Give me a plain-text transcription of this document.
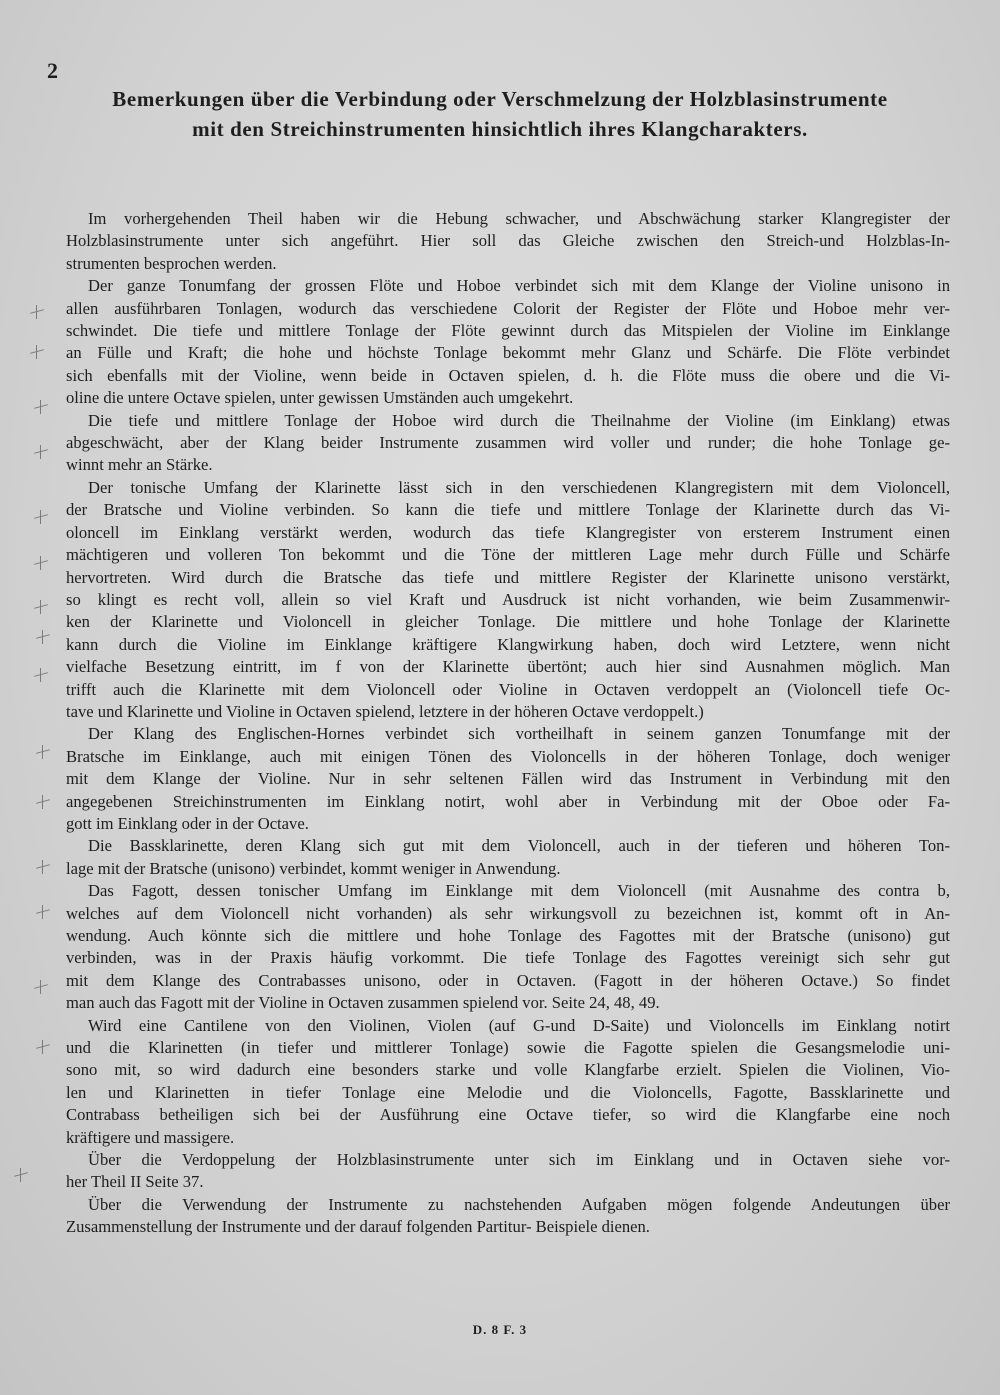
2
Bemerkungen über die Verbindung oder Verschmelzung der Holzblasinstrumente
mit den Streichinstrumenten hinsichtlich ihres Klangcharakters.
Im vorhergehenden Theil haben wir die Hebung schwacher, und Abschwächung starker Klangregister der
Holzblasinstrumente unter sich angeführt. Hier soll das Gleiche zwischen den Streich-und Holzblas-In-
strumenten besprochen werden.
Der ganze Tonumfang der grossen Flöte und Hoboe verbindet sich mit dem Klange der Violine unisono in
allen ausführbaren Tonlagen, wodurch das verschiedene Colorit der Register der Flöte und Hoboe mehr ver-
schwindet. Die tiefe und mittlere Tonlage der Flöte gewinnt durch das Mitspielen der Violine im Einklange
an Fülle und Kraft; die hohe und höchste Tonlage bekommt mehr Glanz und Schärfe. Die Flöte verbindet
sich ebenfalls mit der Violine, wenn beide in Octaven spielen, d. h. die Flöte muss die obere und die Vi-
oline die untere Octave spielen, unter gewissen Umständen auch umgekehrt.
Die tiefe und mittlere Tonlage der Hoboe wird durch die Theilnahme der Violine (im Einklang) etwas
abgeschwächt, aber der Klang beider Instrumente zusammen wird voller und runder; die hohe Tonlage ge-
winnt mehr an Stärke.
Der tonische Umfang der Klarinette lässt sich in den verschiedenen Klangregistern mit dem Violoncell,
der Bratsche und Violine verbinden. So kann die tiefe und mittlere Tonlage der Klarinette durch das Vi-
oloncell im Einklang verstärkt werden, wodurch das tiefe Klangregister von ersterem Instrument einen
mächtigeren und volleren Ton bekommt und die Töne der mittleren Lage mehr durch Fülle und Schärfe
hervortreten. Wird durch die Bratsche das tiefe und mittlere Register der Klarinette unisono verstärkt,
so klingt es recht voll, allein so viel Kraft und Ausdruck ist nicht vorhanden, wie beim Zusammenwir-
ken der Klarinette und Violoncell in gleicher Tonlage. Die mittlere und hohe Tonlage der Klarinette
kann durch die Violine im Einklange kräftigere Klangwirkung haben, doch wird Letztere, wenn nicht
vielfache Besetzung eintritt, im f von der Klarinette übertönt; auch hier sind Ausnahmen möglich. Man
trifft auch die Klarinette mit dem Violoncell oder Violine in Octaven verdoppelt an (Violoncell tiefe Oc-
tave und Klarinette und Violine in Octaven spielend, letztere in der höheren Octave verdoppelt.)
Der Klang des Englischen-Hornes verbindet sich vortheilhaft in seinem ganzen Tonumfange mit der
Bratsche im Einklange, auch mit einigen Tönen des Violoncells in der höheren Tonlage, doch weniger
mit dem Klange der Violine. Nur in sehr seltenen Fällen wird das Instrument in Verbindung mit den
angegebenen Streichinstrumenten im Einklang notirt, wohl aber in Verbindung mit der Oboe oder Fa-
gott im Einklang oder in der Octave.
Die Bassklarinette, deren Klang sich gut mit dem Violoncell, auch in der tieferen und höheren Ton-
lage mit der Bratsche (unisono) verbindet, kommt weniger in Anwendung.
Das Fagott, dessen tonischer Umfang im Einklange mit dem Violoncell (mit Ausnahme des contra b,
welches auf dem Violoncell nicht vorhanden) als sehr wirkungsvoll zu bezeichnen ist, kommt oft in An-
wendung. Auch könnte sich die mittlere und hohe Tonlage des Fagottes mit der Bratsche (unisono) gut
verbinden, was in der Praxis häufig vorkommt. Die tiefe Tonlage des Fagottes vereinigt sich sehr gut
mit dem Klange des Contrabasses unisono, oder in Octaven. (Fagott in der höheren Octave.) So findet
man auch das Fagott mit der Violine in Octaven zusammen spielend vor. Seite 24, 48, 49.
Wird eine Cantilene von den Violinen, Violen (auf G-und D-Saite) und Violoncells im Einklang notirt
und die Klarinetten (in tiefer und mittlerer Tonlage) sowie die Fagotte spielen die Gesangsmelodie uni-
sono mit, so wird dadurch eine besonders starke und volle Klangfarbe erzielt. Spielen die Violinen, Vio-
len und Klarinetten in tiefer Tonlage eine Melodie und die Violoncells, Fagotte, Bassklarinette und
Contrabass betheiligen sich bei der Ausführung eine Octave tiefer, so wird die Klangfarbe eine noch
kräftigere und massigere.
Über die Verdoppelung der Holzblasinstrumente unter sich im Einklang und in Octaven siehe vor-
her Theil II Seite 37.
Über die Verwendung der Instrumente zu nachstehenden Aufgaben mögen folgende Andeutungen über
Zusammenstellung der Instrumente und der darauf folgenden Partitur- Beispiele dienen.
D. 8 F. 3
